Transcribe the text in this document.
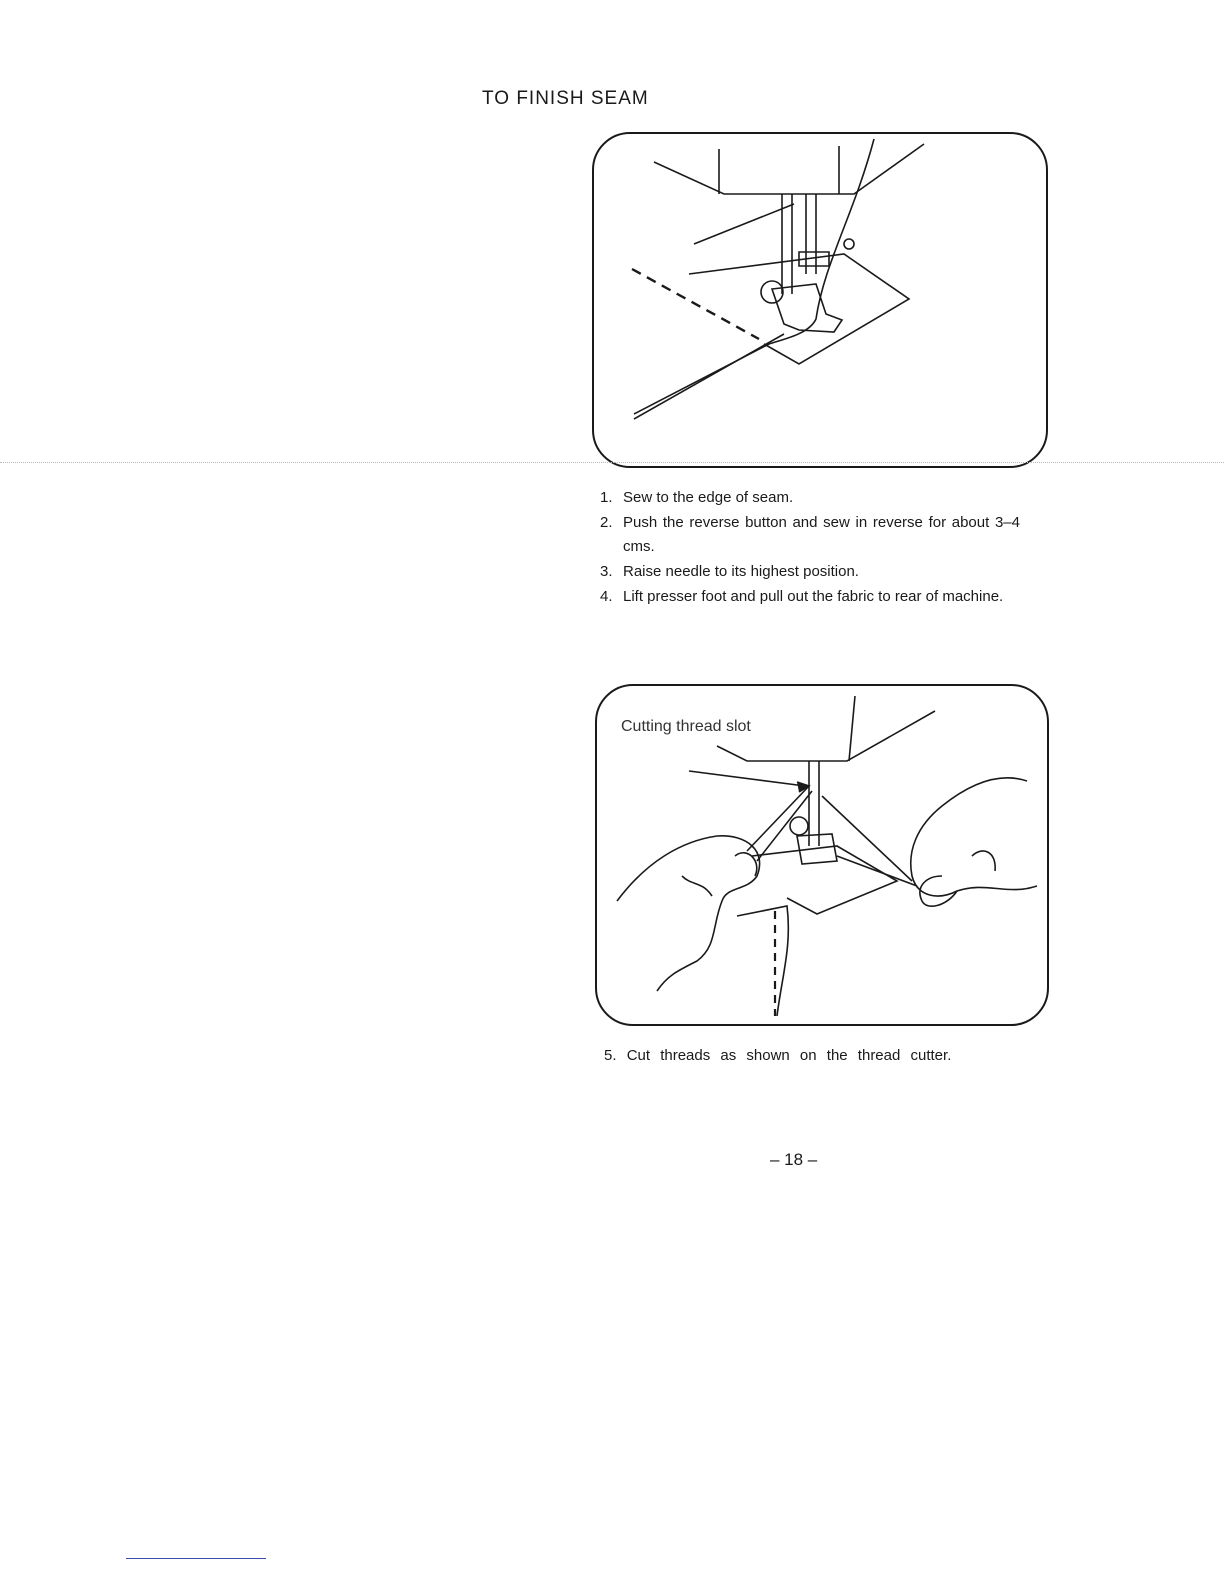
TO FINISH SEAM
1. Sew to the edge of seam.
2. Push the reverse button and sew in reverse for about 3–4 cms.
3. Raise needle to its highest position.
4. Lift presser foot and pull out the fabric to rear of machine.
Cutting thread slot
5. Cut threads as shown on the thread cutter.
– 18 –
